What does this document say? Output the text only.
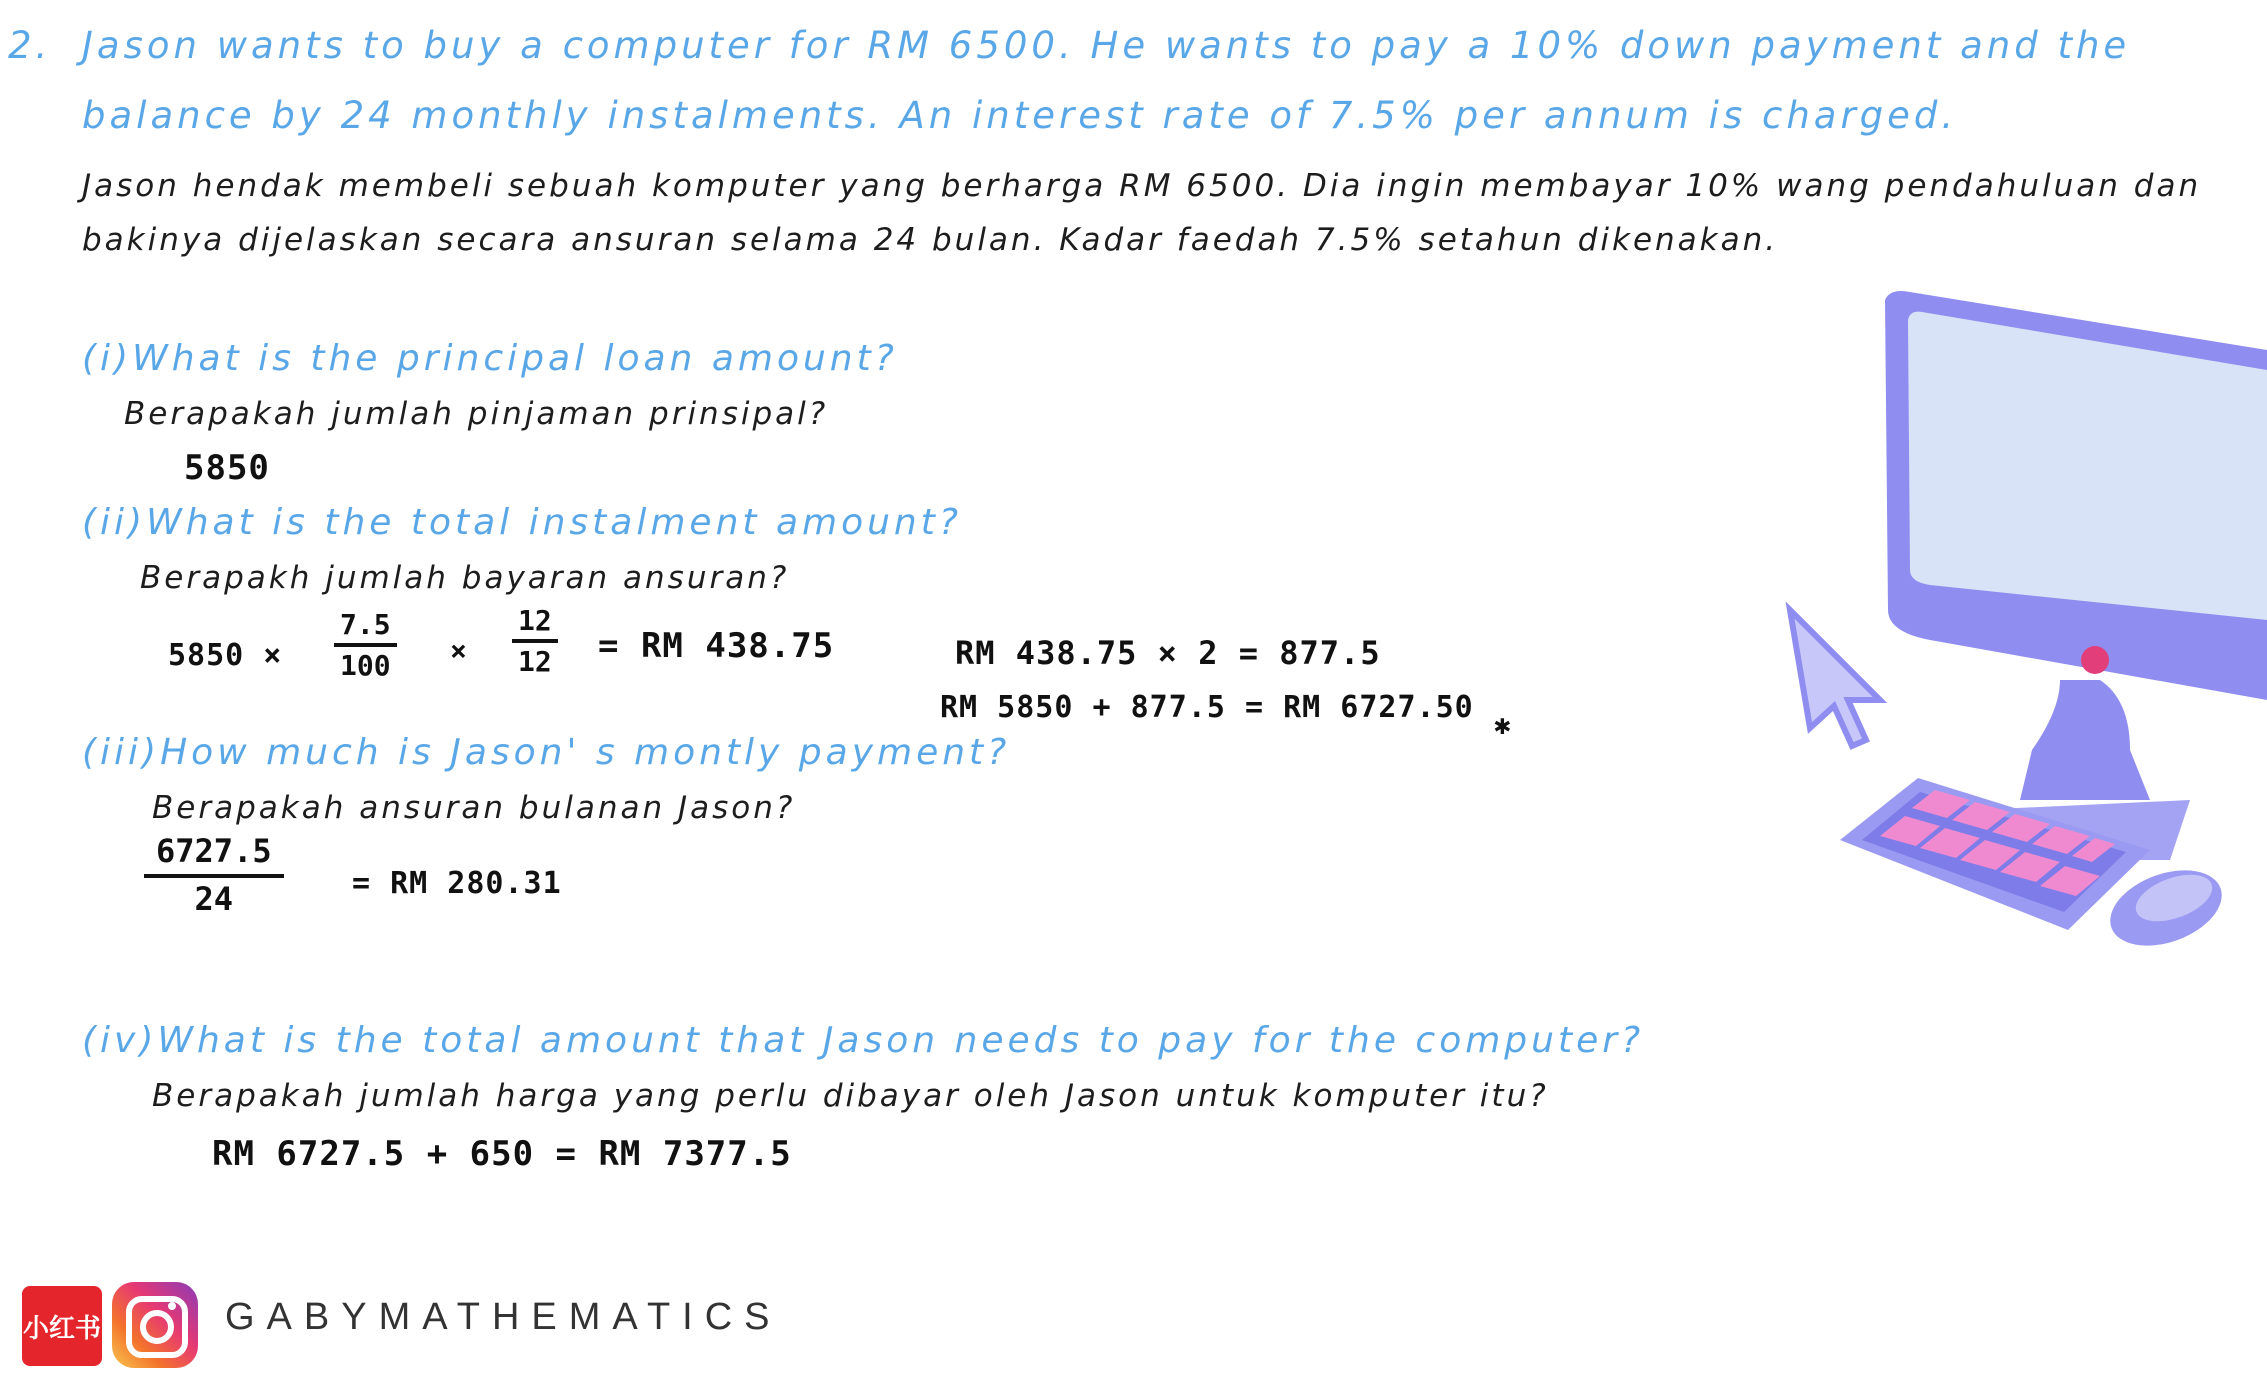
2. Jason wants to buy a computer for RM 6500. He wants to pay a 10% down payment and the
balance by 24 monthly instalments. An interest rate of 7.5% per annum is charged.
Jason hendak membeli sebuah komputer yang berharga RM 6500. Dia ingin membayar 10% wang pendahuluan dan
bakinya dijelaskan secara ansuran selama 24 bulan. Kadar faedah 7.5% setahun dikenakan.
(i)What is the principal loan amount?
Berapakah jumlah pinjaman prinsipal?
5850
(ii)What is the total instalment amount?
Berapakh jumlah bayaran ansuran?
$5850 \times \frac{7.5}{100} \times \frac{12}{12}$ = RM 438.75	RM 438.75 × 2 = 877.5
RM 5850 + 877.5 = RM 6727.50 ✱
(iii)How much is Jason' s montly payment?
Berapakah ansuran bulanan Jason?
$\frac{6727.5}{24}$ = RM 280.31
(iv)What is the total amount that Jason needs to pay for the computer?
Berapakah jumlah harga yang perlu dibayar oleh Jason untuk komputer itu?
RM 6727.5 + 650 = RM 7377.5
小红书	GABYMATHEMATICS
